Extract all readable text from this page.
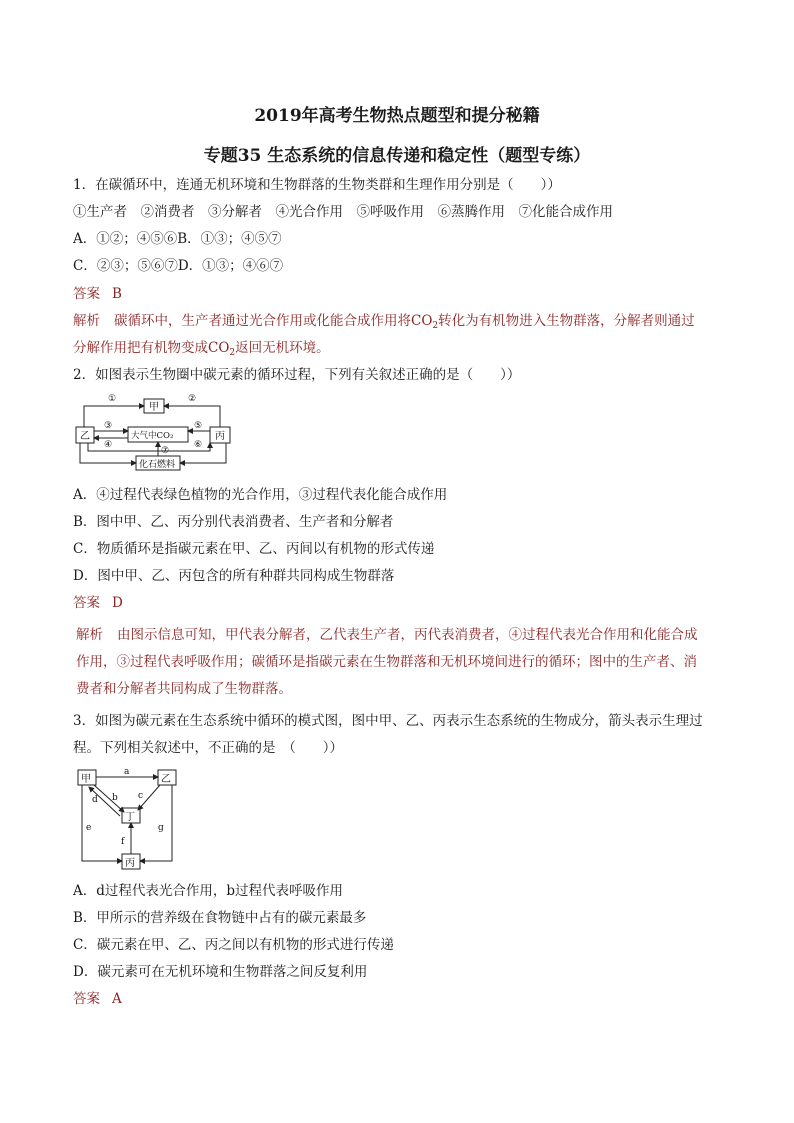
2019年高考生物热点题型和提分秘籍
专题35 生态系统的信息传递和稳定性（题型专练）
1．在碳循环中，连通无机环境和生物群落的生物类群和生理作用分别是（　　））
①生产者　②消费者　③分解者　④光合作用　⑤呼吸作用　⑥蒸腾作用　⑦化能合成作用
A．①②；④⑤⑥B．①③；④⑤⑦
C．②③；⑤⑥⑦D．①③；④⑥⑦
答案 B
解析 碳循环中，生产者通过光合作用或化能合成作用将$CO_2$转化为有机物进入生物群落，分解者则通过
分解作用把有机物变成$CO_2$返回无机环境。
2．如图表示生物圈中碳元素的循环过程，下列有关叙述正确的是（　　））
甲
乙	丙
大气中CO₂
化石燃料
①	②
③
④
⑤
⑥
⑦
A．④过程代表绿色植物的光合作用，③过程代表化能合成作用
B．图中甲、乙、丙分别代表消费者、生产者和分解者
C．物质循环是指碳元素在甲、乙、丙间以有机物的形式传递
D．图中甲、乙、丙包含的所有种群共同构成生物群落
答案 D
解析 由图示信息可知，甲代表分解者，乙代表生产者，丙代表消费者，④过程代表光合作用和化能合成
作用，③过程代表呼吸作用；碳循环是指碳元素在生物群落和无机环境间进行的循环；图中的生产者、消
费者和分解者共同构成了生物群落。
3．如图为碳元素在生态系统中循环的模式图，图中甲、乙、丙表示生态系统的生物成分，箭头表示生理过
程。下列相关叙述中，不正确的是　（　　））
甲	乙
丁
丙
a
b c
d
e
f
g
A．d过程代表光合作用，b过程代表呼吸作用
B．甲所示的营养级在食物链中占有的碳元素最多
C．碳元素在甲、乙、丙之间以有机物的形式进行传递
D．碳元素可在无机环境和生物群落之间反复利用
答案 A
